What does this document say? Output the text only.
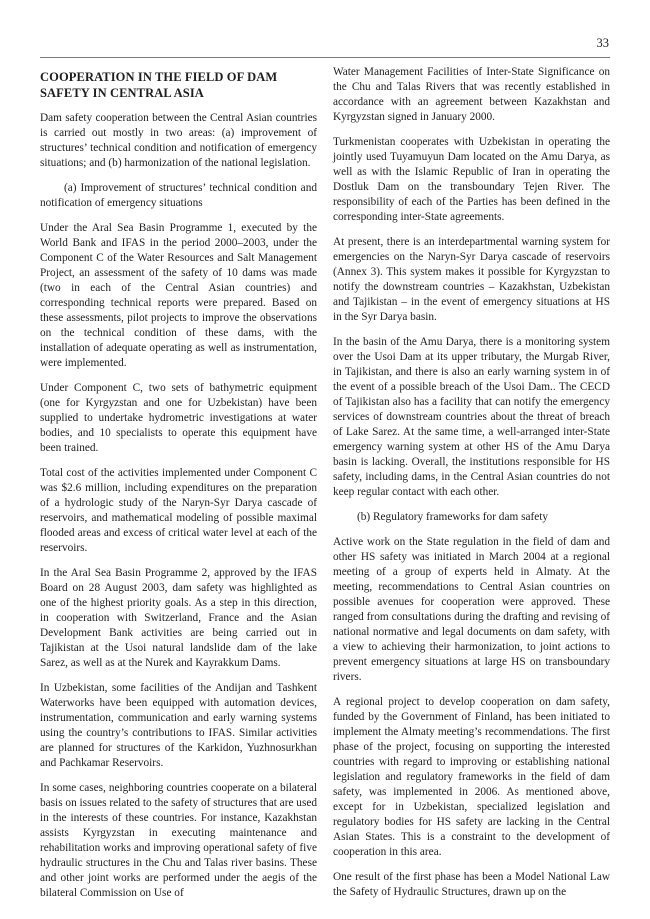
33
COOPERATION IN THE FIELD OF DAM SAFETY IN CENTRAL ASIA

Dam safety cooperation between the Central Asian countries is carried out mostly in two areas: (a) improvement of structures’ technical condition and notification of emergency situations; and (b) harmonization of the national legislation.

(a) Improvement of structures’ technical condition and notification of emergency situations

Under the Aral Sea Basin Programme 1, executed by the World Bank and IFAS in the period 2000–2003, under the Component C of the Water Resources and Salt Management Project, an assessment of the safety of 10 dams was made (two in each of the Central Asian countries) and corresponding technical reports were prepared. Based on these assessments, pilot projects to improve the observations on the technical condition of these dams, with the installation of adequate operating as well as instrumentation, were implemented.

Under Component C, two sets of bathymetric equipment (one for Kyrgyzstan and one for Uzbekistan) have been supplied to undertake hydrometric investigations at water bodies, and 10 specialists to operate this equipment have been trained.

Total cost of the activities implemented under Component C was $2.6 million, including expenditures on the preparation of a hydrologic study of the Naryn-Syr Darya cascade of reservoirs, and mathematical modeling of possible maximal flooded areas and excess of critical water level at each of the reservoirs.

In the Aral Sea Basin Programme 2, approved by the IFAS Board on 28 August 2003, dam safety was highlighted as one of the highest priority goals. As a step in this direction, in cooperation with Switzerland, France and the Asian Development Bank activities are being carried out in Tajikistan at the Usoi natural landslide dam of the lake Sarez, as well as at the Nurek and Kayrakkum Dams.

In Uzbekistan, some facilities of the Andijan and Tashkent Waterworks have been equipped with automation devices, instrumentation, communication and early warning systems using the country’s contributions to IFAS. Similar activities are planned for structures of the Karkidon, Yuzhnosurkhan and Pachkamar Reservoirs.

In some cases, neighboring countries cooperate on a bilateral basis on issues related to the safety of structures that are used in the interests of these countries. For instance, Kazakhstan assists Kyrgyzstan in executing maintenance and rehabilitation works and improving operational safety of five hydraulic structures in the Chu and Talas river basins. These and other joint works are performed under the aegis of the bilateral Commission on Use of

Water Management Facilities of Inter-State Significance on the Chu and Talas Rivers that was recently established in accordance with an agreement between Kazakhstan and Kyrgyzstan signed in January 2000.

Turkmenistan cooperates with Uzbekistan in operating the jointly used Tuyamuyun Dam located on the Amu Darya, as well as with the Islamic Republic of Iran in operating the Dostluk Dam on the transboundary Tejen River. The responsibility of each of the Parties has been defined in the corresponding inter-State agreements.

At present, there is an interdepartmental warning system for emergencies on the Naryn-Syr Darya cascade of reservoirs (Annex 3). This system makes it possible for Kyrgyzstan to notify the downstream countries – Kazakhstan, Uzbekistan and Tajikistan – in the event of emergency situations at HS in the Syr Darya basin.

In the basin of the Amu Darya, there is a monitoring system over the Usoi Dam at its upper tributary, the Murgab River, in Tajikistan, and there is also an early warning system in of the event of a possible breach of the Usoi Dam.. The CECD of Tajikistan also has a facility that can notify the emergency services of downstream countries about the threat of breach of Lake Sarez. At the same time, a well-arranged inter-State emergency warning system at other HS of the Amu Darya basin is lacking. Overall, the institutions responsible for HS safety, including dams, in the Central Asian countries do not keep regular contact with each other.

(b) Regulatory frameworks for dam safety

Active work on the State regulation in the field of dam and other HS safety was initiated in March 2004 at a regional meeting of a group of experts held in Almaty. At the meeting, recommendations to Central Asian countries on possible avenues for cooperation were approved. These ranged from consultations during the drafting and revising of national normative and legal documents on dam safety, with a view to achieving their harmonization, to joint actions to prevent emergency situations at large HS on transboundary rivers.

A regional project to develop cooperation on dam safety, funded by the Government of Finland, has been initiated to implement the Almaty meeting’s recommendations. The first phase of the project, focusing on supporting the interested countries with regard to improving or establishing national legislation and regulatory frameworks in the field of dam safety, was implemented in 2006. As mentioned above, except for in Uzbekistan, specialized legislation and regulatory bodies for HS safety are lacking in the Central Asian States. This is a constraint to the development of cooperation in this area.

One result of the first phase has been a Model National Law the Safety of Hydraulic Structures, drawn up on the
